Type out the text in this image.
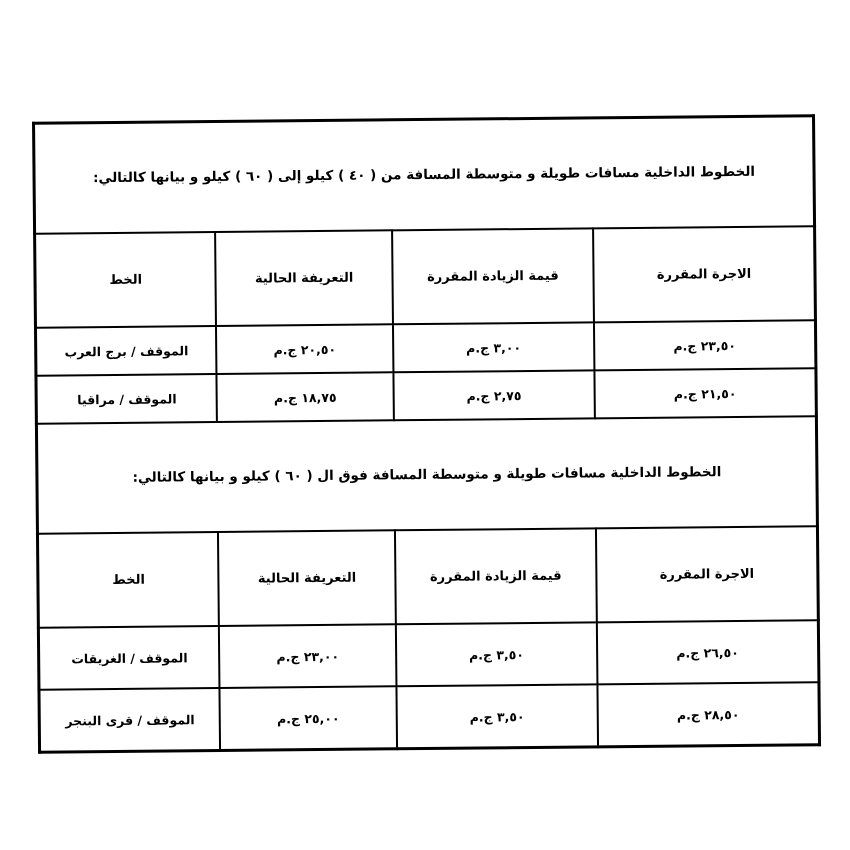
الخطوط الداخلية مسافات طويلة و متوسطة المسافة من ( ٤٠ ) كيلو إلى ( ٦٠ ) كيلو و بيانها كالتالي:			

الاجرة المقررة	قيمة الزيادة المقررة	التعريفة الحالية	الخط

٢٣,٥٠ ج.م	٣,٠٠ ج.م	٢٠,٥٠ ج.م	الموقف / برج العرب

٢١,٥٠ ج.م	٢,٧٥ ج.م	١٨,٧٥ ج.م	الموقف / مراقيا
الخطوط الداخلية مسافات طويلة و متوسطة المسافة فوق ال ( ٦٠ ) كيلو و بيانها كالتالي:			

الاجرة المقررة	قيمة الزيادة المقررة	التعريفة الحالية	الخط

٢٦,٥٠ ج.م	٣,٥٠ ج.م	٢٣,٠٠ ج.م	الموقف / الغريقات

٢٨,٥٠ ج.م	٣,٥٠ ج.م	٢٥,٠٠ ج.م	الموقف / قرى البنجر
